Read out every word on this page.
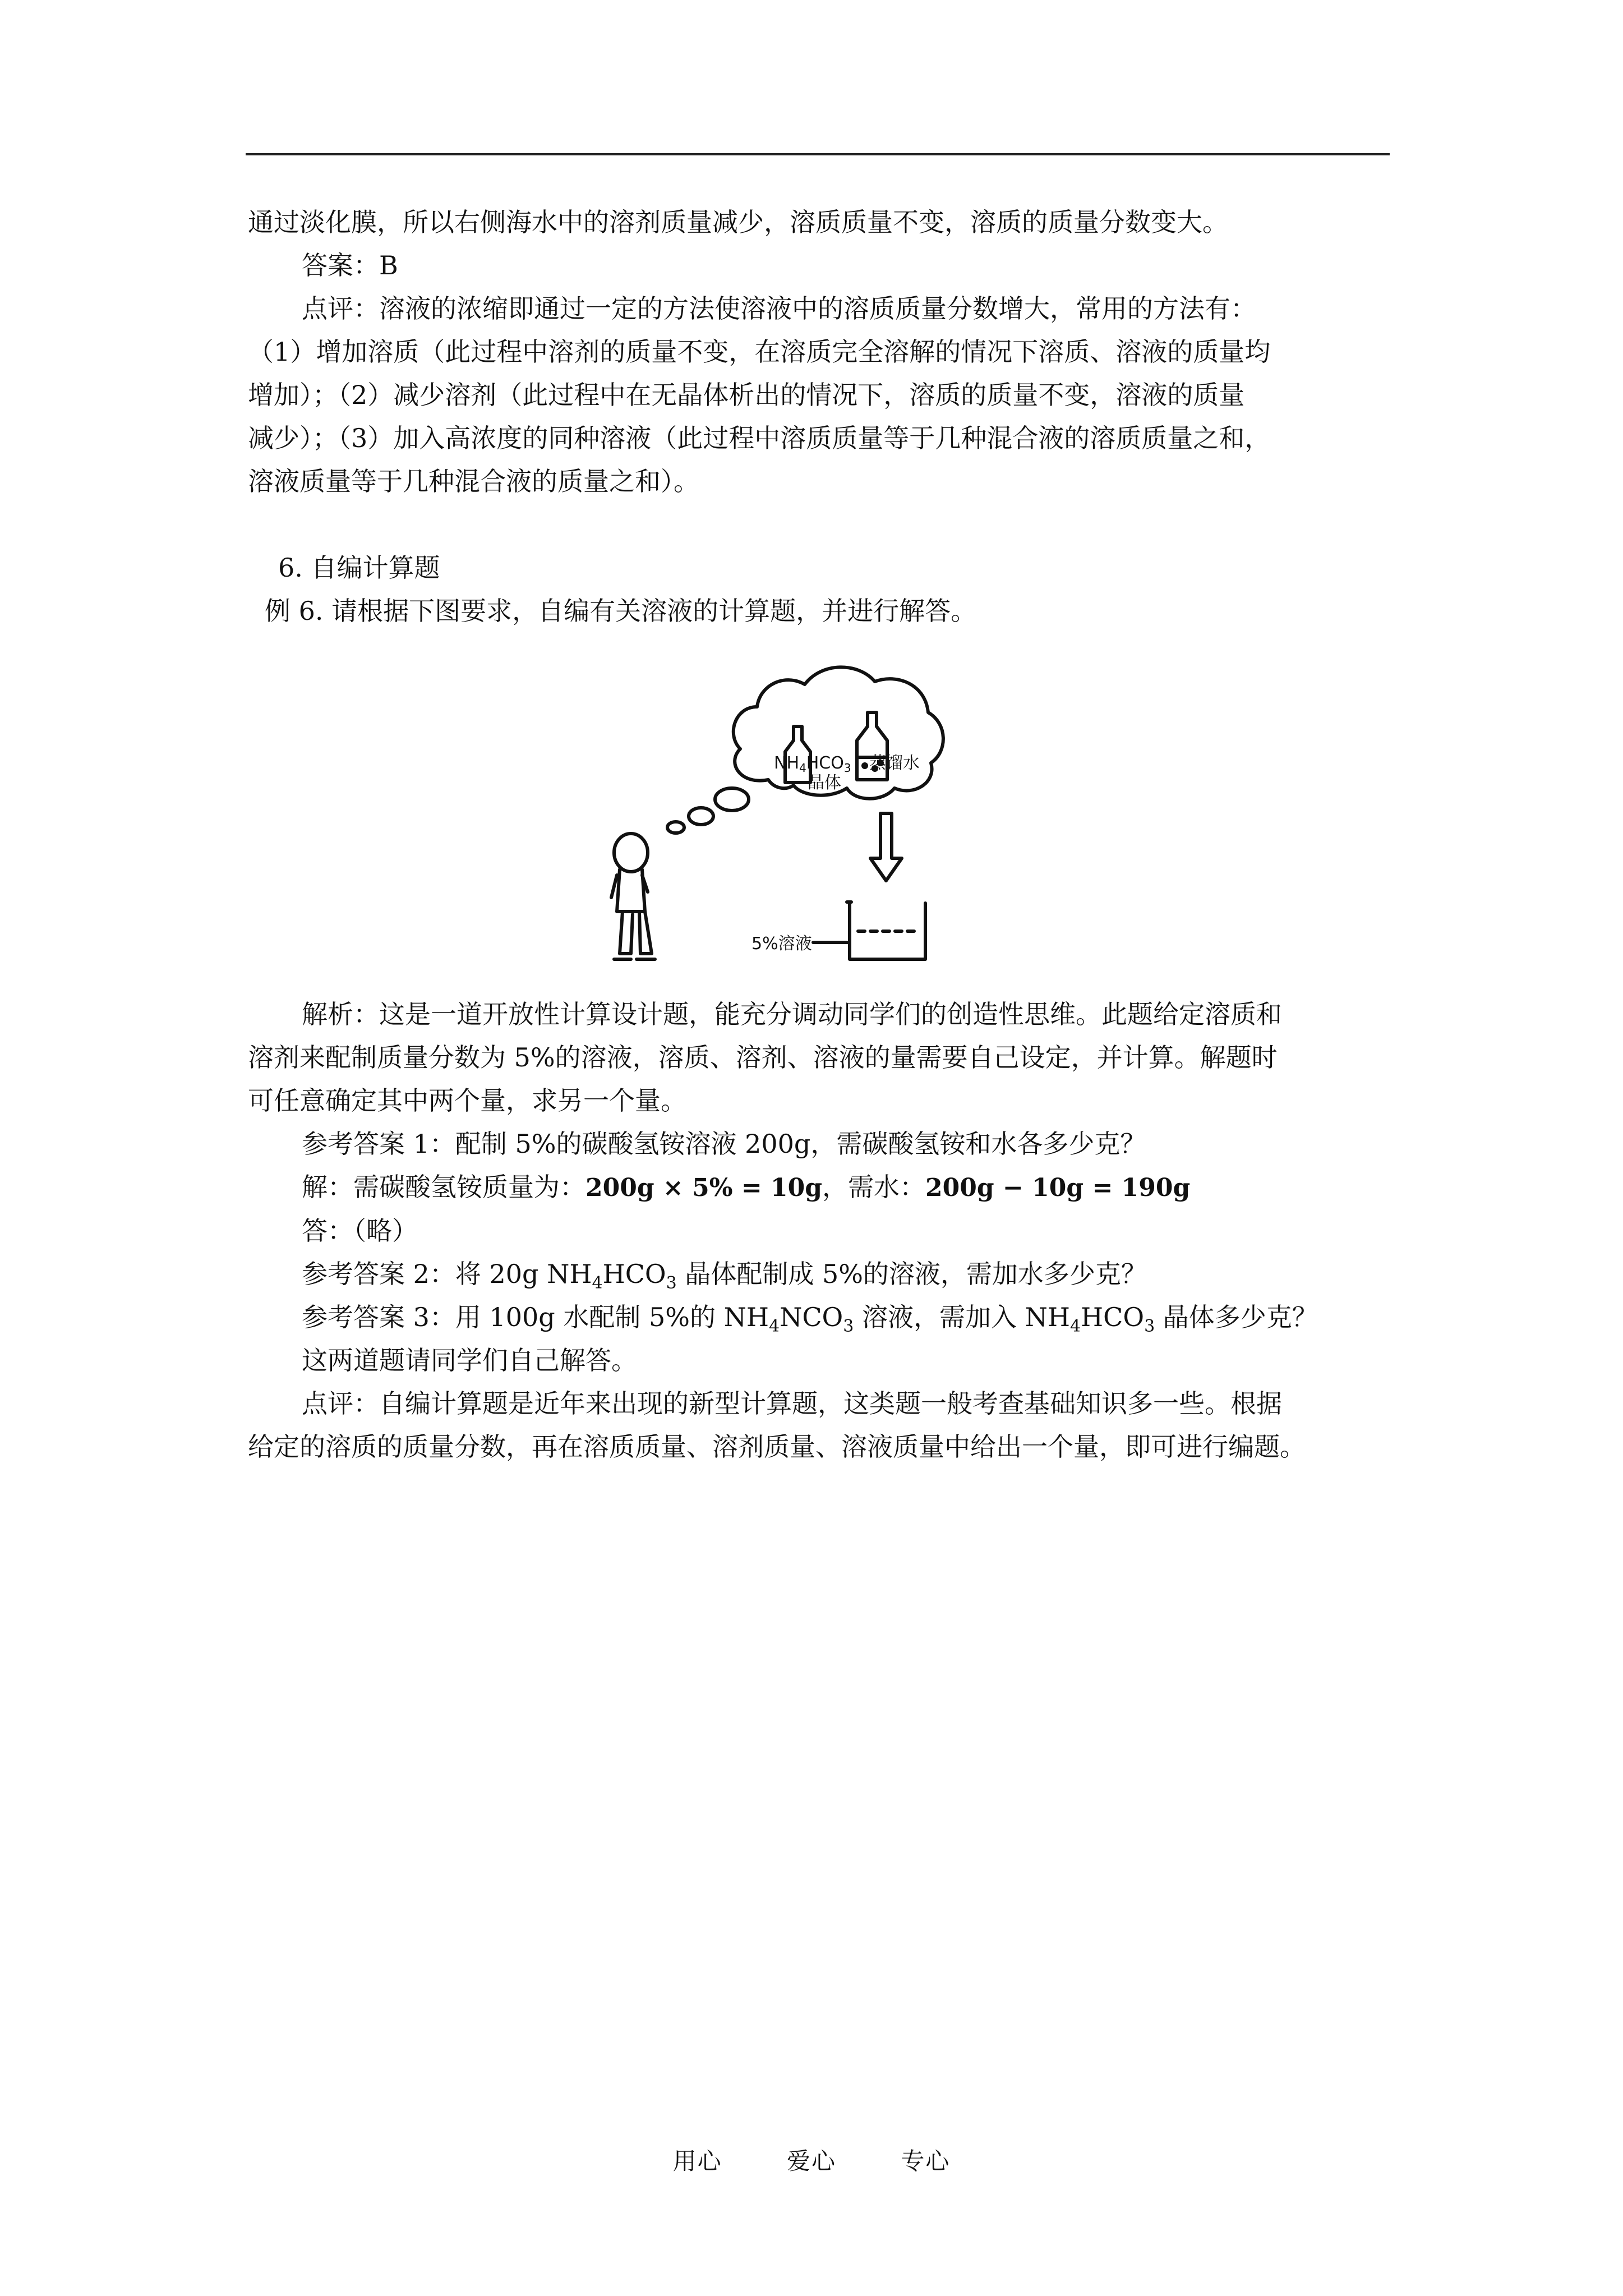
通过淡化膜，所以右侧海水中的溶剂质量减少，溶质质量不变，溶质的质量分数变大。
答案：B
点评：溶液的浓缩即通过一定的方法使溶液中的溶质质量分数增大，常用的方法有：
（1）增加溶质（此过程中溶剂的质量不变，在溶质完全溶解的情况下溶质、溶液的质量均
增加）；（2）减少溶剂（此过程中在无晶体析出的情况下，溶质的质量不变，溶液的质量
减少）；（3）加入高浓度的同种溶液（此过程中溶质质量等于几种混合液的溶质质量之和，
溶液质量等于几种混合液的质量之和）。
6. 自编计算题
例 6. 请根据下图要求，自编有关溶液的计算题，并进行解答。
$NH_4HCO_3$
晶体
蒸馏水
5%溶液
解析：这是一道开放性计算设计题，能充分调动同学们的创造性思维。此题给定溶质和
溶剂来配制质量分数为 5%的溶液，溶质、溶剂、溶液的量需要自己设定，并计算。解题时
可任意确定其中两个量，求另一个量。
参考答案 1：配制 5%的碳酸氢铵溶液 200g，需碳酸氢铵和水各多少克？
解：需碳酸氢铵质量为：200g × 5% = 10g，需水：200g − 10g = 190g
答：（略）
参考答案 2：将 20g $NH_4HCO_3$ 晶体配制成 5%的溶液，需加水多少克？
参考答案 3：用 100g 水配制 5%的 $NH_4NCO_3$ 溶液，需加入 $NH_4HCO_3$ 晶体多少克？
这两道题请同学们自己解答。
点评：自编计算题是近年来出现的新型计算题，这类题一般考查基础知识多一些。根据
给定的溶质的质量分数，再在溶质质量、溶剂质量、溶液质量中给出一个量，即可进行编题。
用心	爱心	专心
